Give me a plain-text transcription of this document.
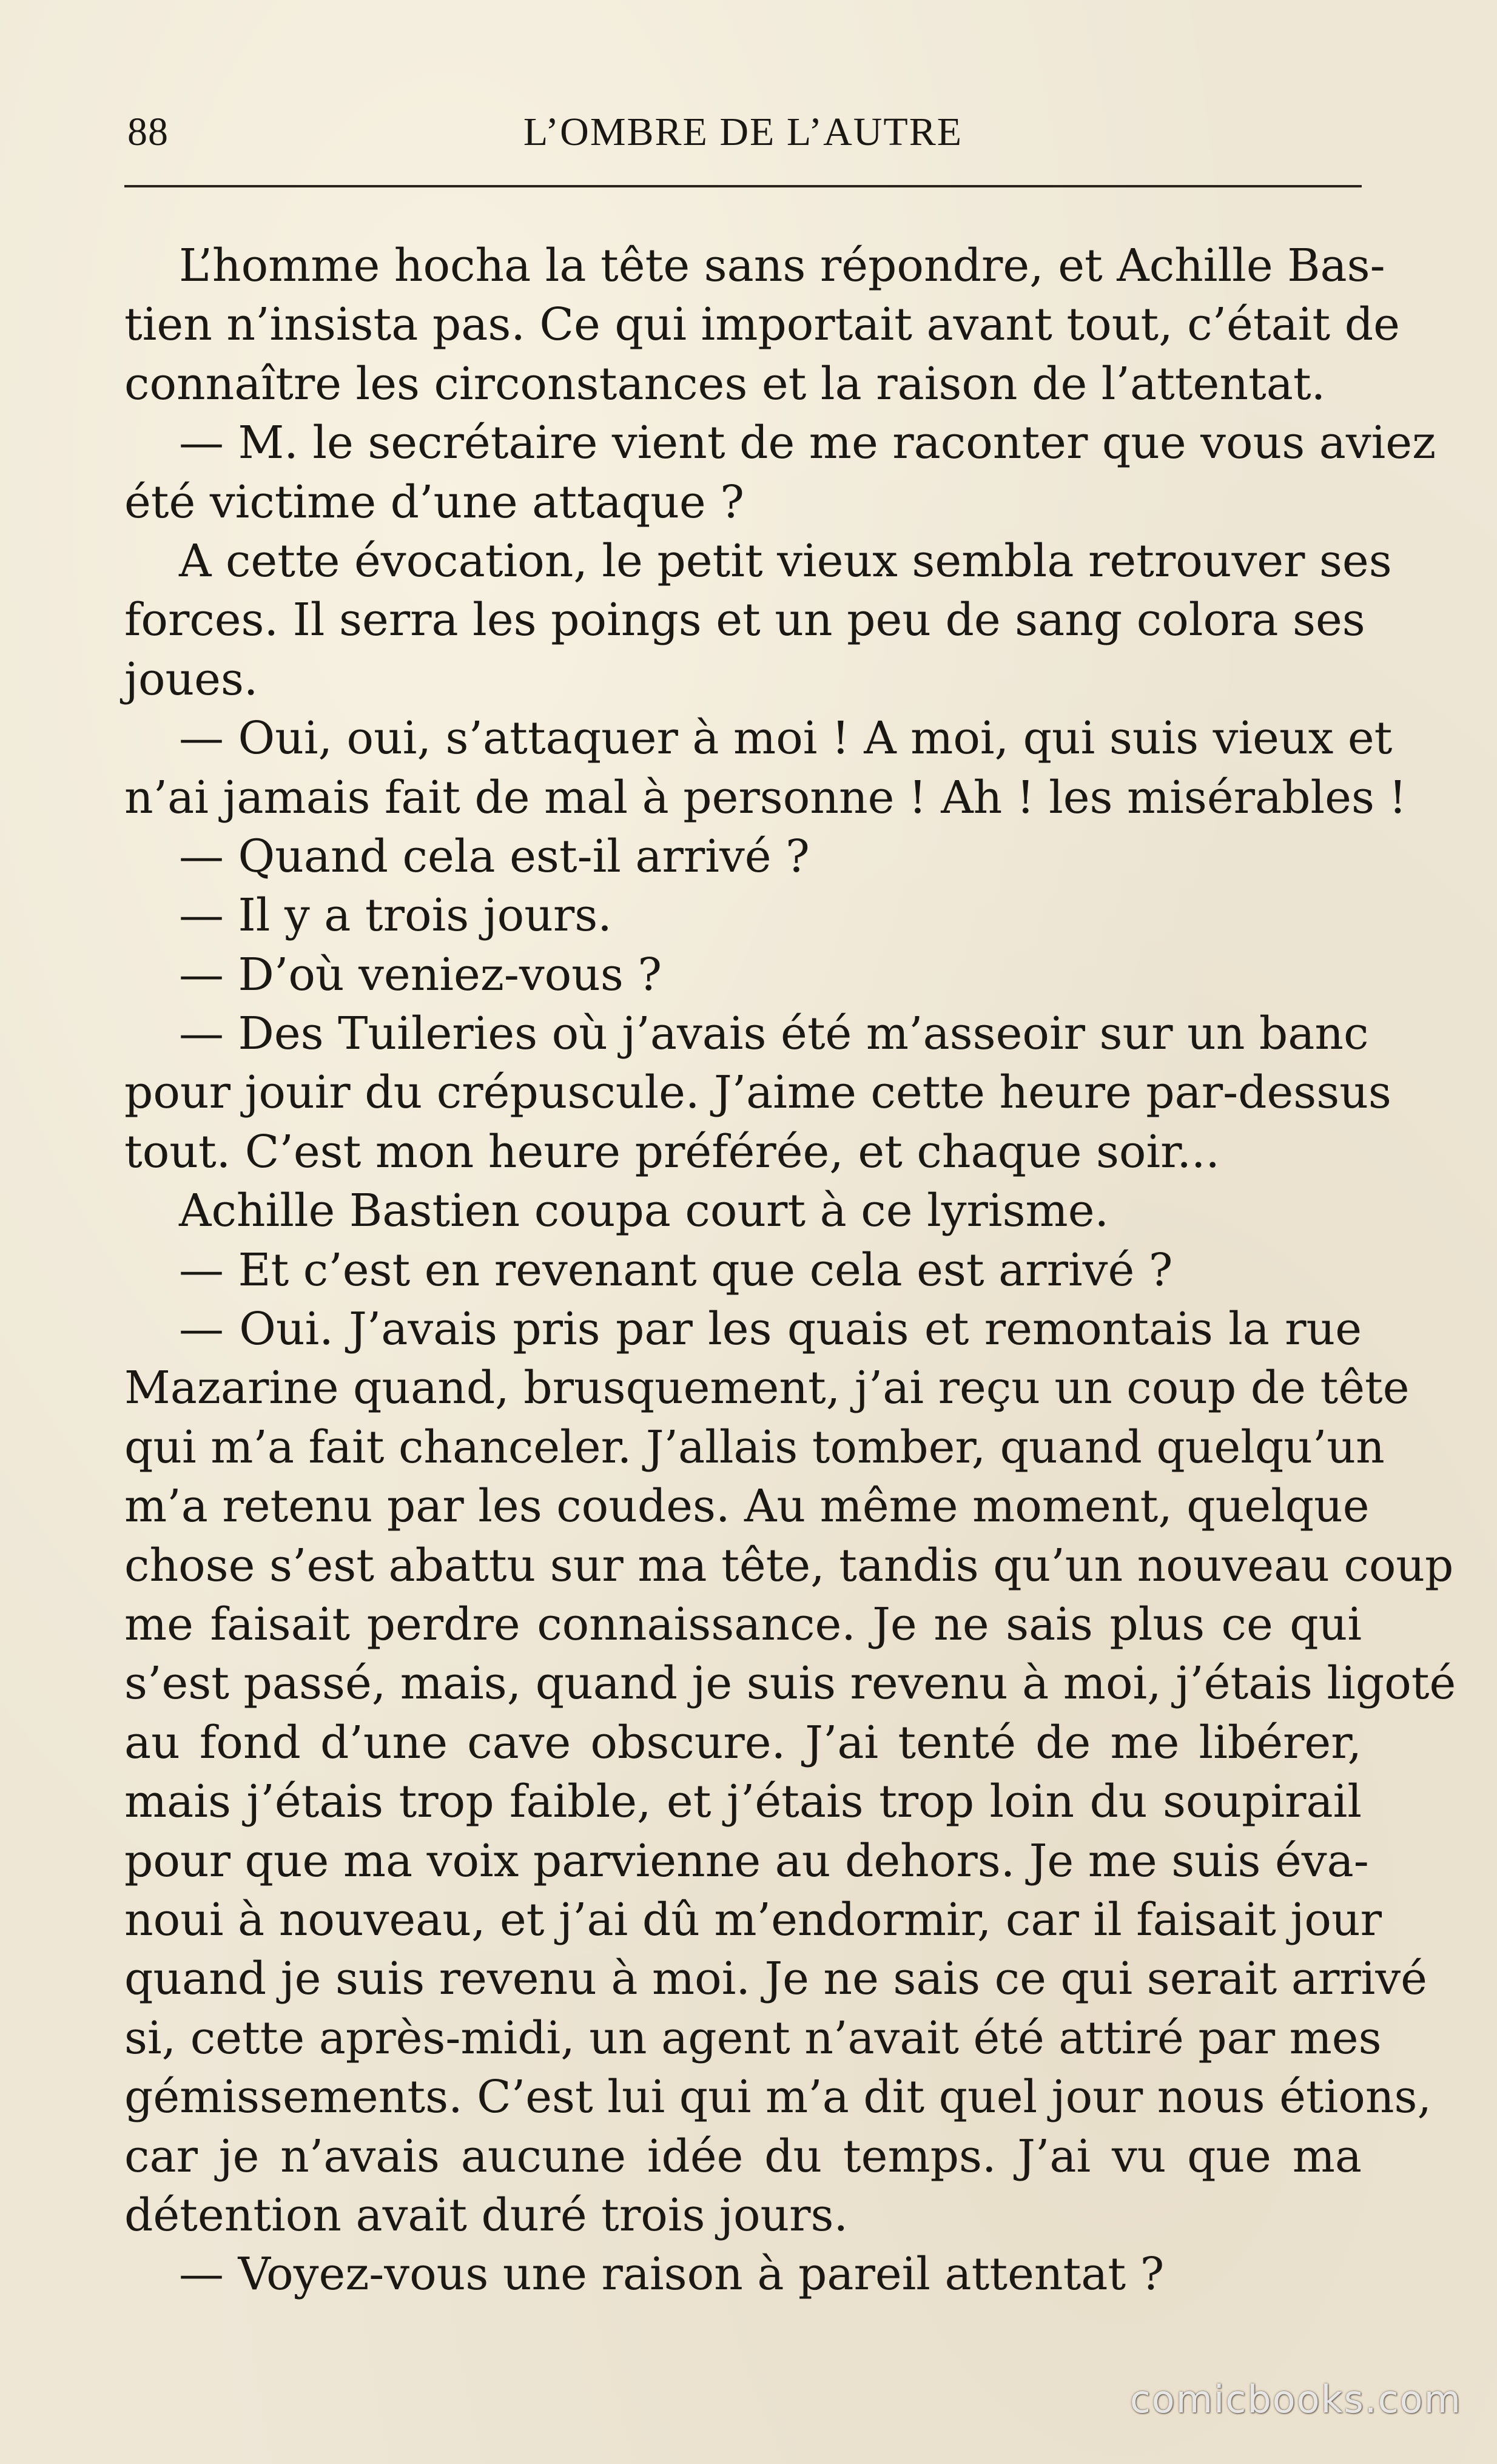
88	L’OMBRE DE L’AUTRE
L’homme hocha la tête sans répondre, et Achille Bas-
tien n’insista pas. Ce qui importait avant tout, c’était de
connaître les circonstances et la raison de l’attentat.
— M. le secrétaire vient de me raconter que vous aviez
été victime d’une attaque ?
A cette évocation, le petit vieux sembla retrouver ses
forces. Il serra les poings et un peu de sang colora ses
joues.
— Oui, oui, s’attaquer à moi ! A moi, qui suis vieux et
n’ai jamais fait de mal à personne ! Ah ! les misérables !
— Quand cela est-il arrivé ?
— Il y a trois jours.
— D’où veniez-vous ?
— Des Tuileries où j’avais été m’asseoir sur un banc
pour jouir du crépuscule. J’aime cette heure par-dessus
tout. C’est mon heure préférée, et chaque soir...
Achille Bastien coupa court à ce lyrisme.
— Et c’est en revenant que cela est arrivé ?
— Oui. J’avais pris par les quais et remontais la rue
Mazarine quand, brusquement, j’ai reçu un coup de tête
qui m’a fait chanceler. J’allais tomber, quand quelqu’un
m’a retenu par les coudes. Au même moment, quelque
chose s’est abattu sur ma tête, tandis qu’un nouveau coup
me faisait perdre connaissance. Je ne sais plus ce qui
s’est passé, mais, quand je suis revenu à moi, j’étais ligoté
au fond d’une cave obscure. J’ai tenté de me libérer,
mais j’étais trop faible, et j’étais trop loin du soupirail
pour que ma voix parvienne au dehors. Je me suis éva-
noui à nouveau, et j’ai dû m’endormir, car il faisait jour
quand je suis revenu à moi. Je ne sais ce qui serait arrivé
si, cette après-midi, un agent n’avait été attiré par mes
gémissements. C’est lui qui m’a dit quel jour nous étions,
car je n’avais aucune idée du temps. J’ai vu que ma
détention avait duré trois jours.
— Voyez-vous une raison à pareil attentat ?
comicbooks.com
